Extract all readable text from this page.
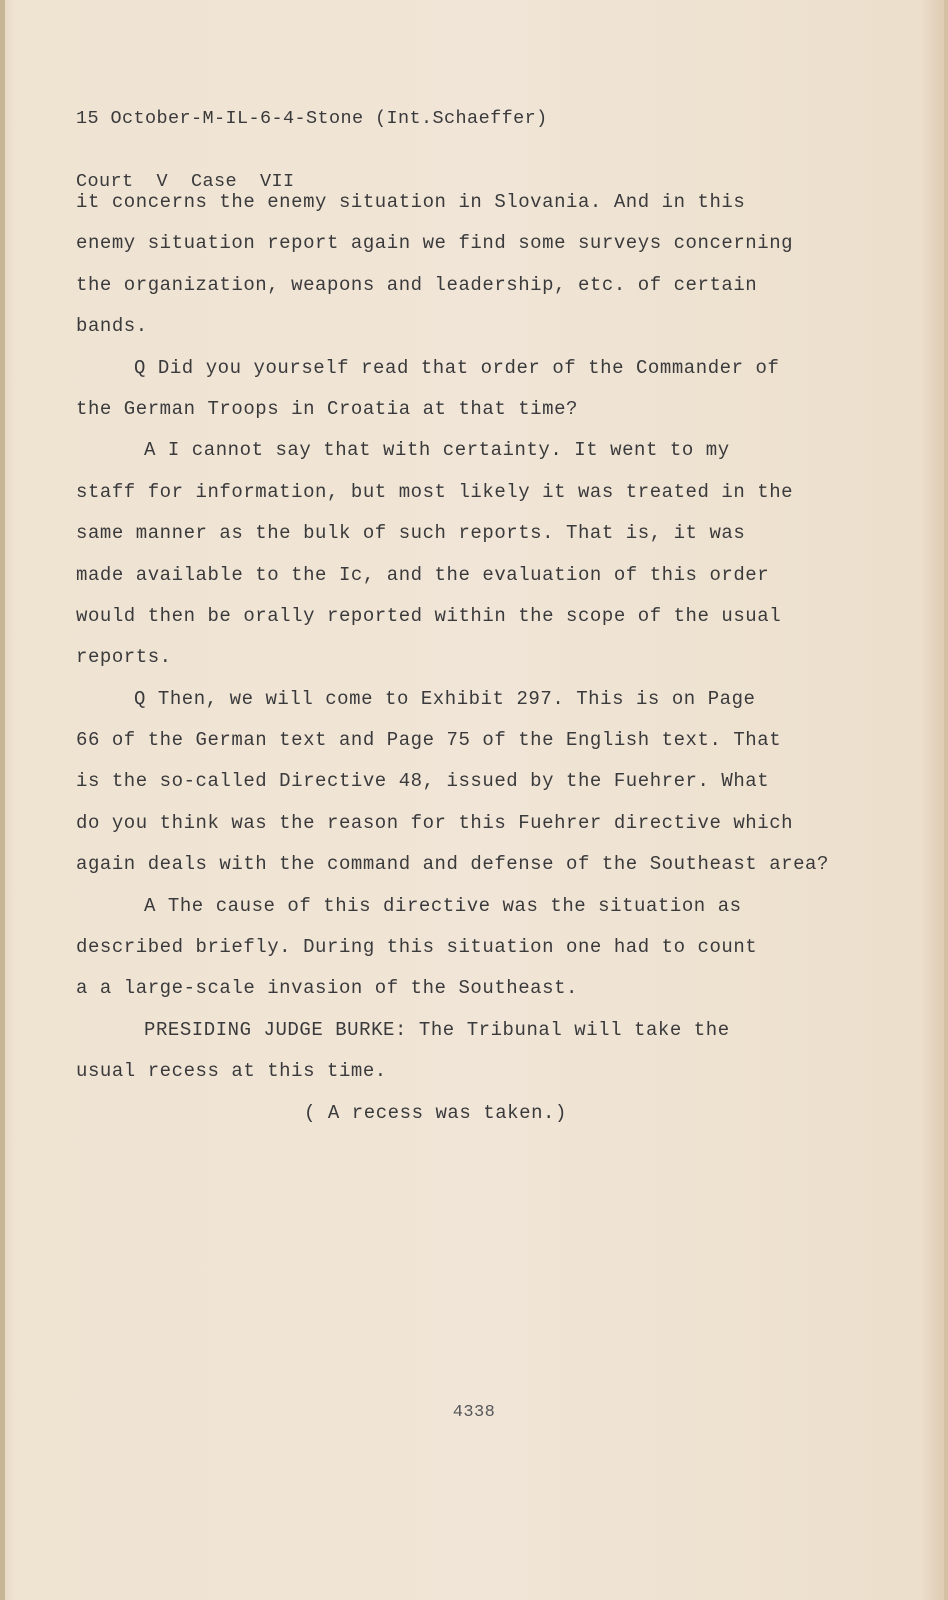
15 October-M-IL-6-4-Stone (Int.Schaeffer)

Court  V  Case  VII

it concerns the enemy situation in Slovania. And in this
enemy situation report again we find some surveys concerning
the organization, weapons and leadership, etc. of certain
bands.
Q Did you yourself read that order of the Commander of
the German Troops in Croatia at that time?
A I cannot say that with certainty. It went to my
staff for information, but most likely it was treated in the
same manner as the bulk of such reports. That is, it was
made available to the Ic, and the evaluation of this order
would then be orally reported within the scope of the usual
reports.
Q Then, we will come to Exhibit 297. This is on Page
66 of the German text and Page 75 of the English text. That
is the so-called Directive 48, issued by the Fuehrer. What
do you think was the reason for this Fuehrer directive which
again deals with the command and defense of the Southeast area?
A The cause of this directive was the situation as
described briefly. During this situation one had to count
a a large-scale invasion of the Southeast.
PRESIDING JUDGE BURKE: The Tribunal will take the
usual recess at this time.
( A recess was taken.)
4338
